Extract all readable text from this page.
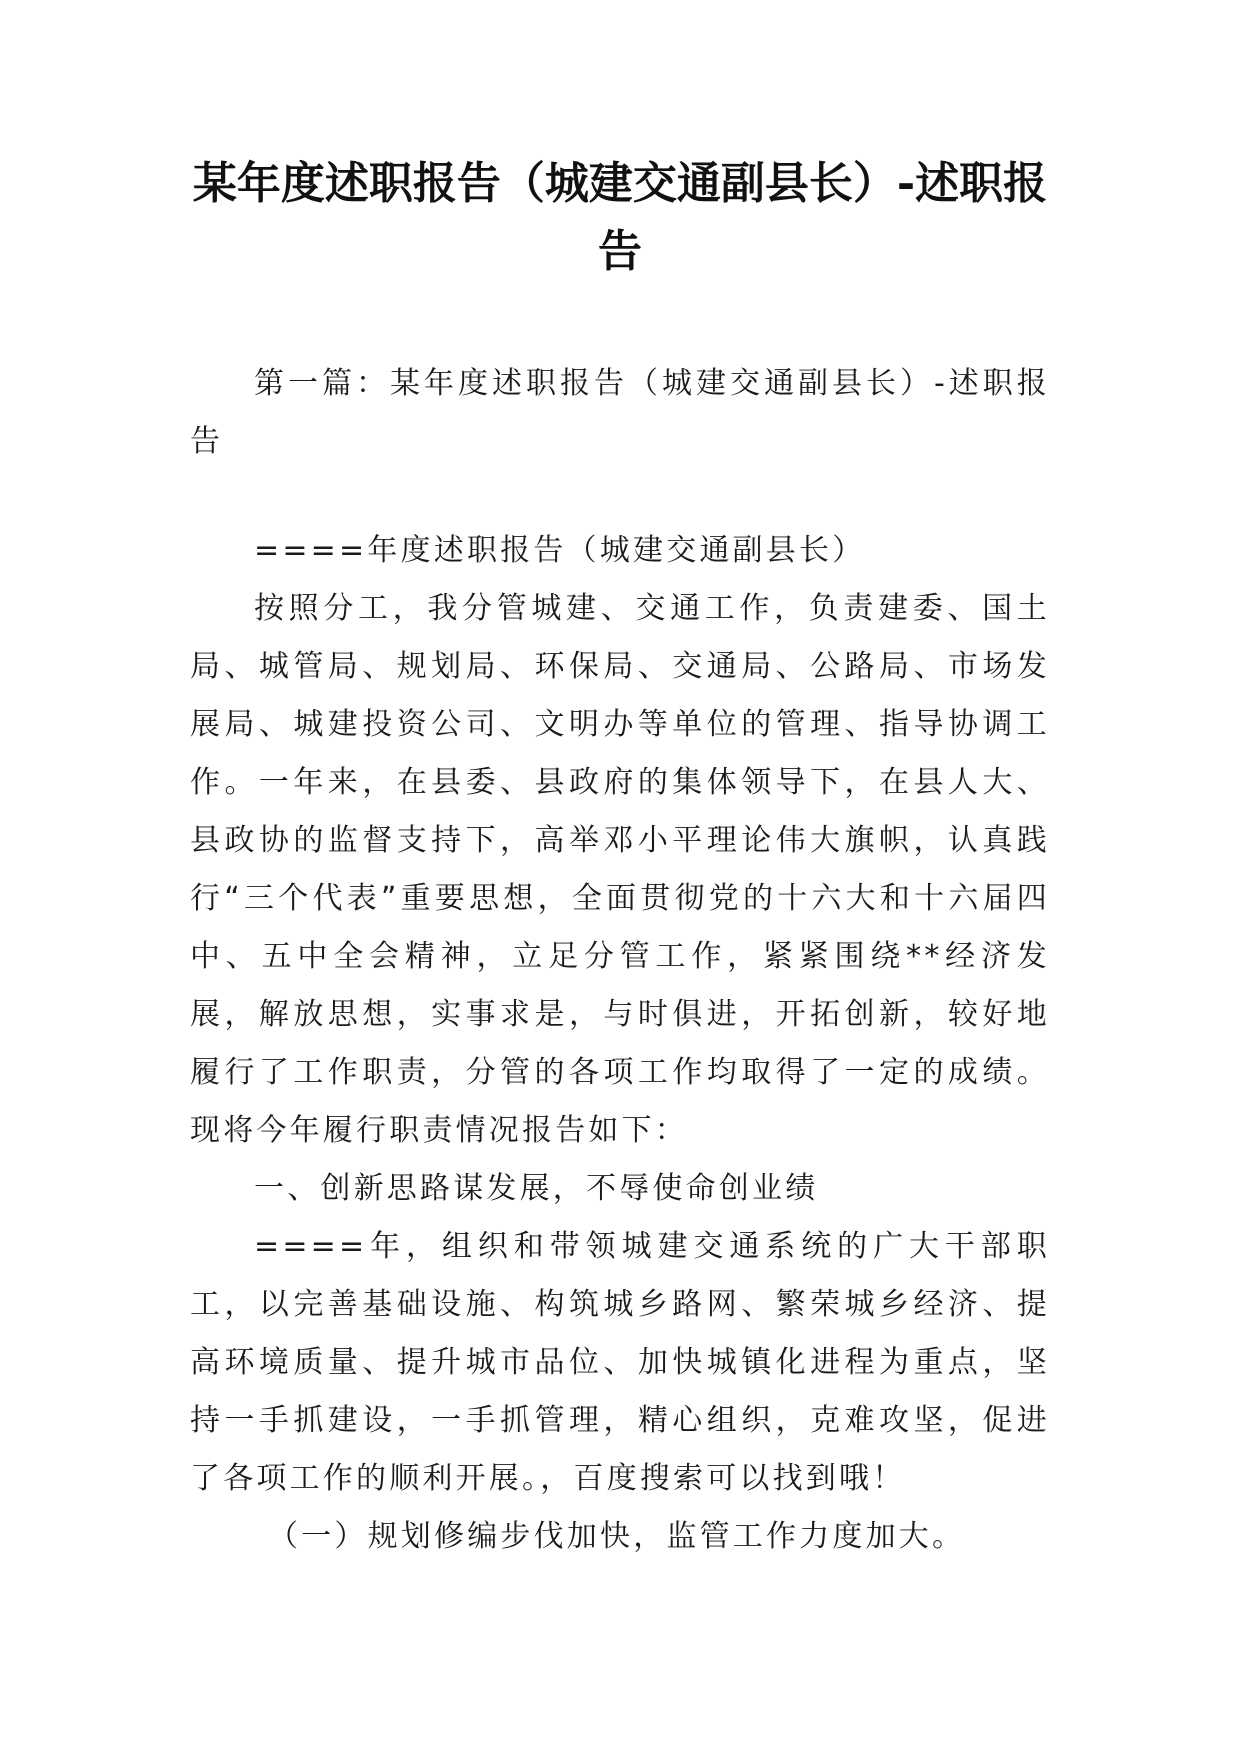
某年度述职报告（城建交通副县长）-述职报告

第一篇：某年度述职报告（城建交通副县长）-述职报告

====年度述职报告（城建交通副县长）

按照分工，我分管城建、交通工作，负责建委、国土局、城管局、规划局、环保局、交通局、公路局、市场发展局、城建投资公司、文明办等单位的管理、指导协调工作。一年来，在县委、县政府的集体领导下，在县人大、县政协的监督支持下，高举邓小平理论伟大旗帜，认真践行“三个代表”重要思想，全面贯彻党的十六大和十六届四中、五中全会精神，立足分管工作，紧紧围绕**经济发展，解放思想，实事求是，与时俱进，开拓创新，较好地履行了工作职责，分管的各项工作均取得了一定的成绩。现将今年履行职责情况报告如下：

一、创新思路谋发展，不辱使命创业绩

====年，组织和带领城建交通系统的广大干部职工，以完善基础设施、构筑城乡路网、繁荣城乡经济、提高环境质量、提升城市品位、加快城镇化进程为重点，坚持一手抓建设，一手抓管理，精心组织，克难攻坚，促进了各项工作的顺利开展。，百度搜索可以找到哦！

（一）规划修编步伐加快，监管工作力度加大。
